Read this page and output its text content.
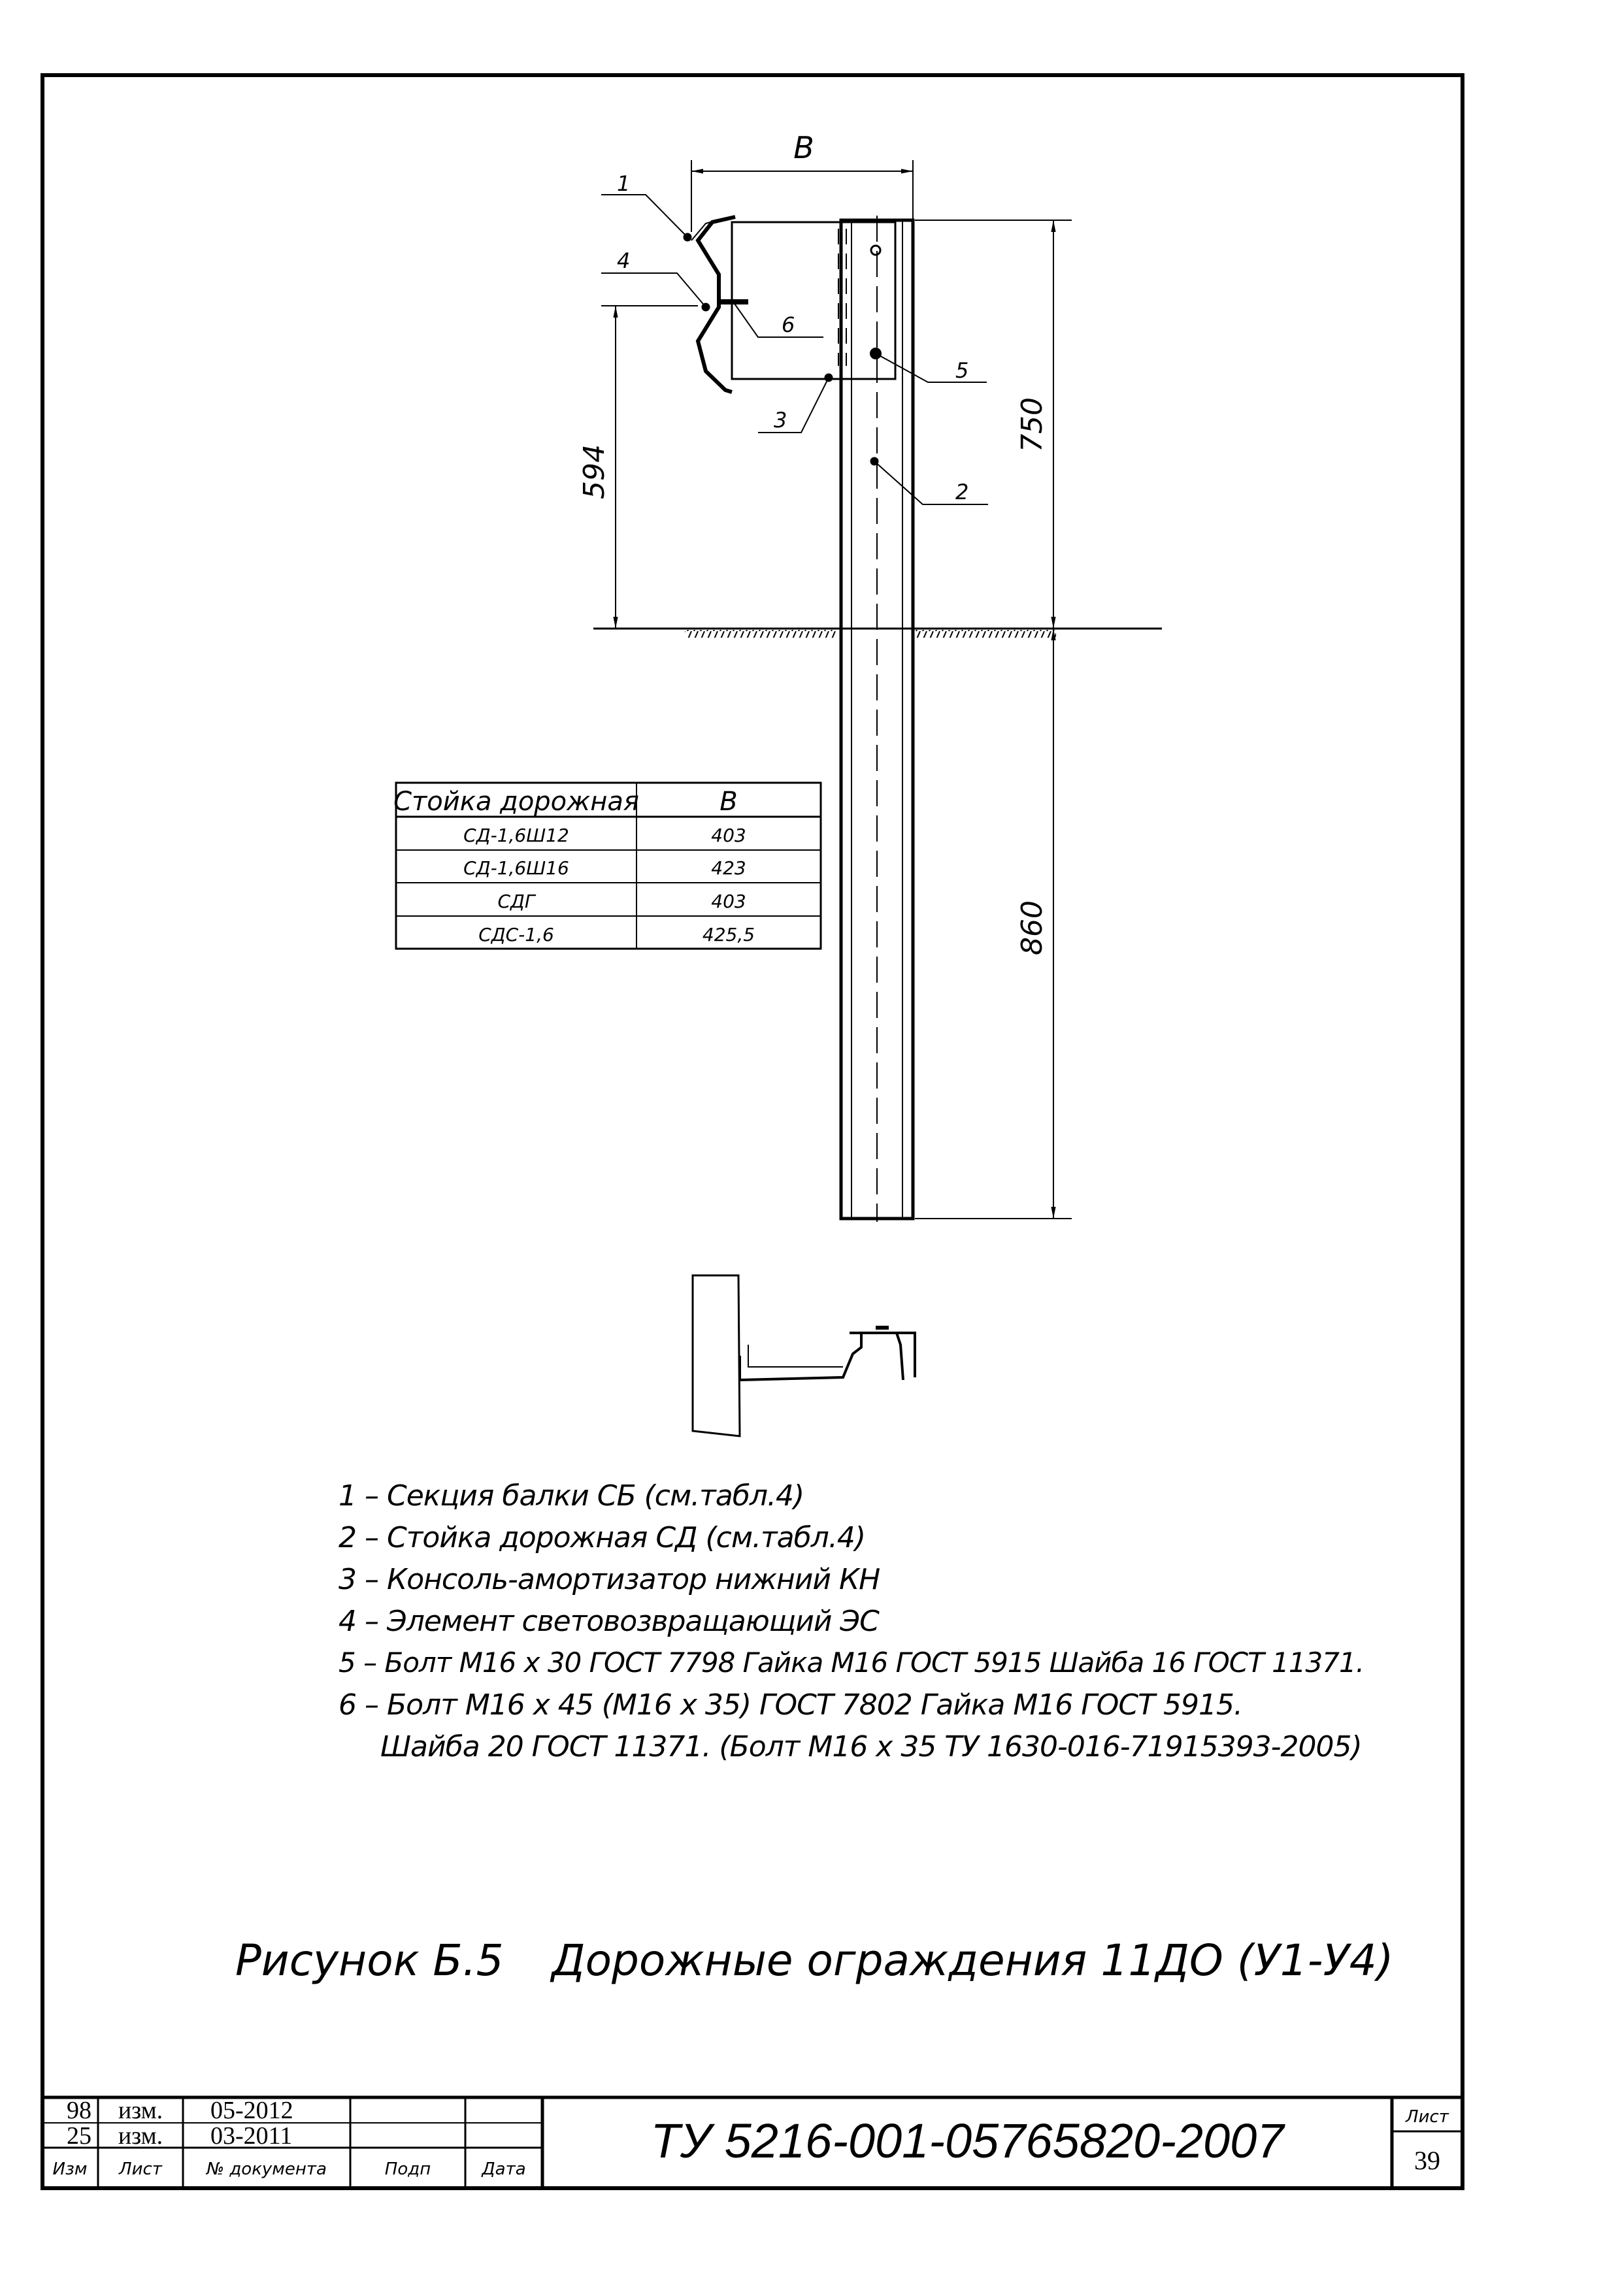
B
750
860
594
1
4
6
5
3
2
Стойка дорожная	B
СД-1,6Ш12	403
СД-1,6Ш16	423
СДГ	403
СДС-1,6	425,5
Рисунок Б.5 Дорожные ограждения 11ДО (У1-У4)
98 изм. 05-2012
25 изм. 03-2011
Изм Лист	№ документа	Подп	Дата
ТУ 5216-001-05765820-2007	Лист
39
1 – Секция балки СБ (см.табл.4)
2 – Стойка дорожная СД (см.табл.4)
3 – Консоль-амортизатор нижний КН
4 – Элемент световозвращающий ЭС
5 – Болт М16 х 30 ГОСТ 7798 Гайка М16 ГОСТ 5915 Шайба 16 ГОСТ 11371.
6 – Болт М16 х 45 (М16 х 35) ГОСТ 7802 Гайка М16 ГОСТ 5915.
Шайба 20 ГОСТ 11371. (Болт М16 х 35 ТУ 1630-016-71915393-2005)
